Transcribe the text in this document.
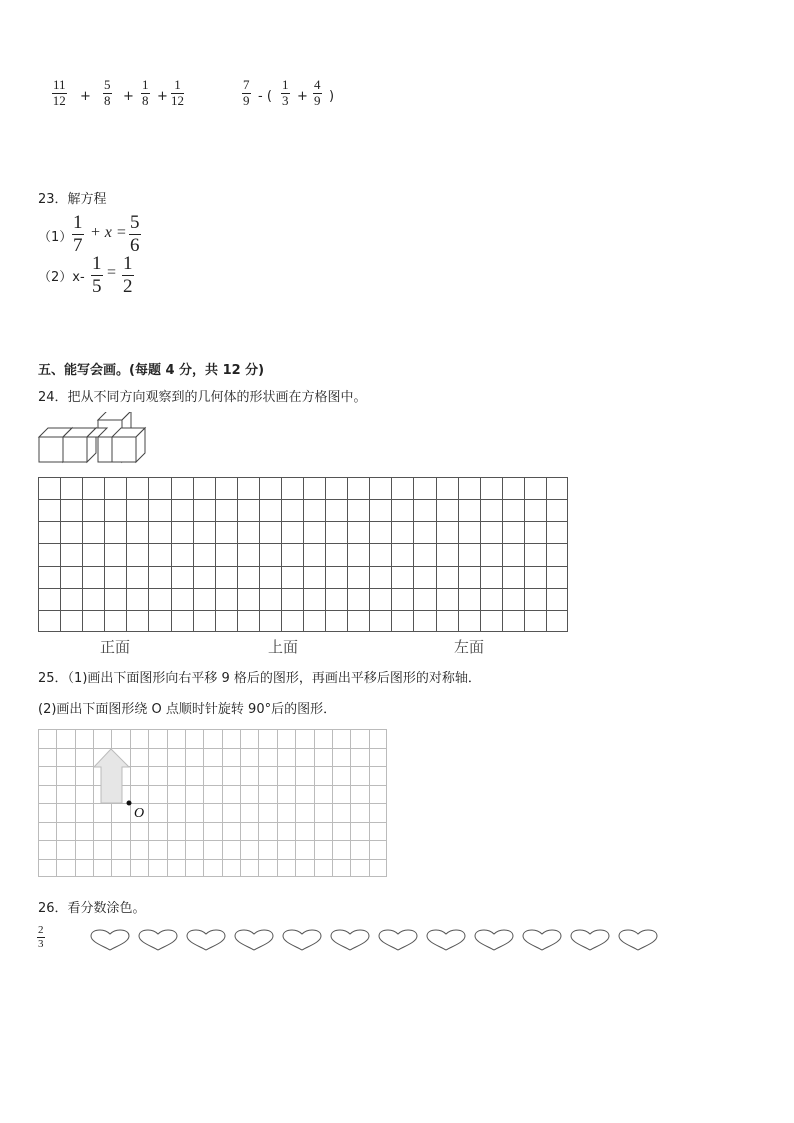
$\frac{11}{12} + \frac{5}{8} + \frac{1}{8} + \frac{1}{12}$	$\frac{7}{9}$ - ( $\frac{1}{3} + \frac{4}{9}$ )
23．解方程
$(1) \frac{1}{7} + x = \frac{5}{6}$
$(2)x- \frac{1}{5} = \frac{1}{2}$
五、能写会画。(每题 4 分，共 12 分)
24．把从不同方向观察到的几何体的形状画在方格图中。
正面	上面	左面
25．（1)画出下面图形向右平移 9 格后的图形，再画出平移后图形的对称轴．
(2)画出下面图形绕 O 点顺时针旋转 90°后的图形．
O
26．看分数涂色。
$\frac{2}{3}$
